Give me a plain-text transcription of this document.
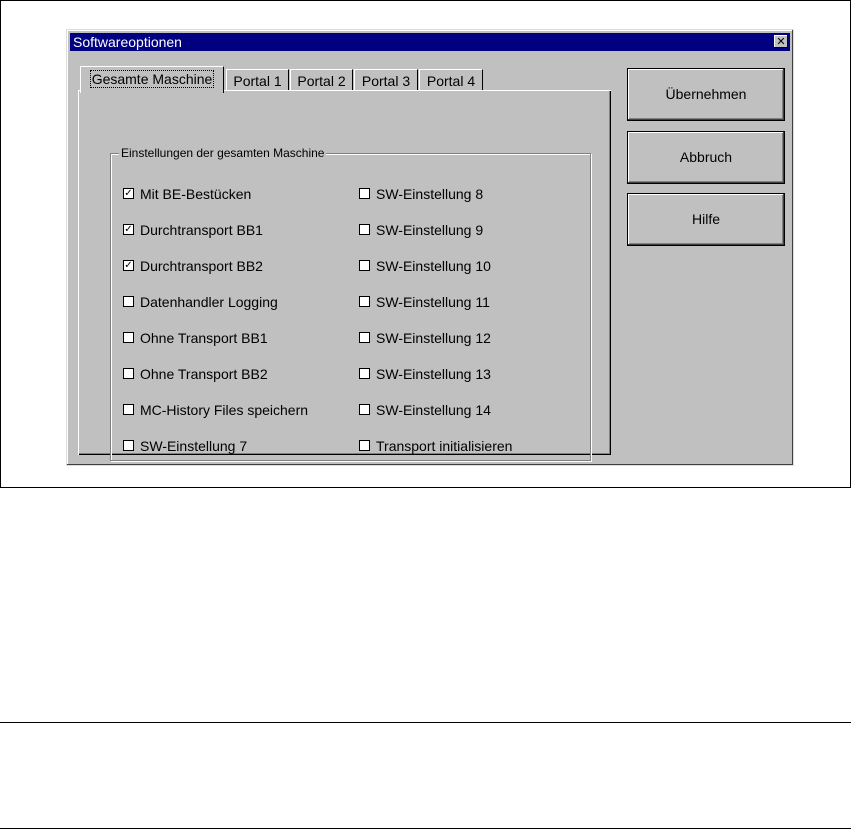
Softwareoptionen	✕
Gesamte Maschine	Portal 1	Portal 2	Portal 3	Portal 4
Einstellungen der gesamten Maschine
✓ Mit BE-Bestücken
✓ Durchtransport BB1
✓ Durchtransport BB2
Datenhandler Logging
Ohne Transport BB1
Ohne Transport BB2
MC-History Files speichern
SW-Einstellung 7
SW-Einstellung 8
SW-Einstellung 9
SW-Einstellung 10
SW-Einstellung 11
SW-Einstellung 12
SW-Einstellung 13
SW-Einstellung 14
Transport initialisieren
Übernehmen
Abbruch
Hilfe
